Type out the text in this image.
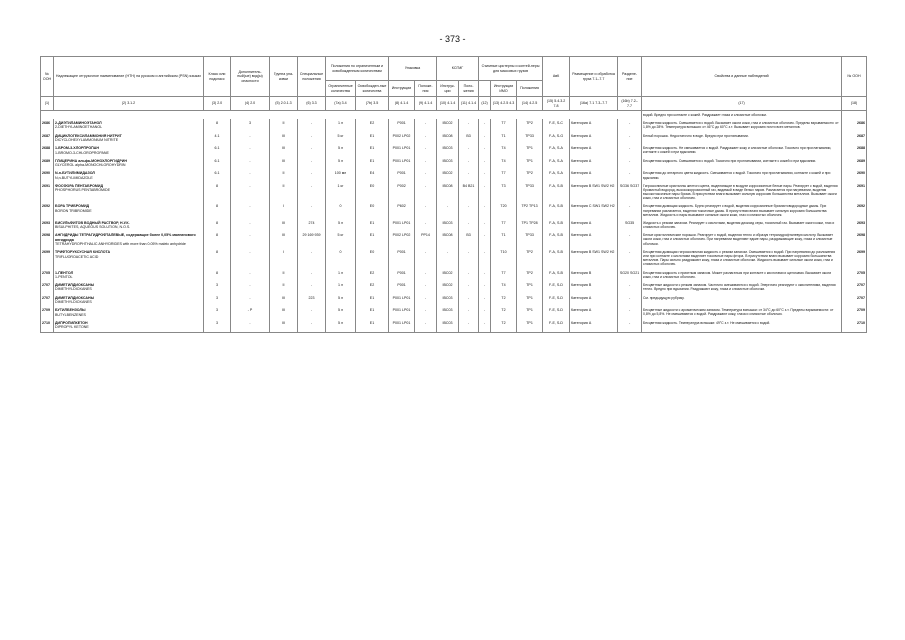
- 373 -
№ ООН	Надлежащее отгрузочное наименование (НТН) на русском и английском (PSN) языках	Класс или подкласс	Дополнитель-ный(ые) вид(ы) опасности	Группа упа-ковки	Специальные положения	Положения по ограниченным и освобожденным количествам		Упаковка		КСГМГ		Съемные цистерны и контей-неры для массовых грузов			АвК	Размещение и обработка груза 7.1–7.7	Разделе-ние	Свойства и данные наблюдений	№ ООН
						Ограниченные количества	Освобожден-ные количества	Инструкции	Положе-ния	Инструк-ции	Поло-жения		Инструкции ИМО	Положения					
(1)	(2) 3.1.2	(3) 2.0	(4) 2.0	(5) 2.0.1.3	(6) 3.3	(7a) 3.4	(7b) 3.5	(8) 4.1.4	(9) 4.1.4	(10) 4.1.4	(11) 4.1.4	(12)	(13) 4.2.5 4.3	(14) 4.2.5	(15) 5.4.3.2 7.8	(16a) 7.1 7.3–7.7	(16b) 7.2–7.7	(17)	(18)
																		водой. Вредно при контакте с кожей. Раздражает глаза и слизистые оболочки.	
2686	2-ДИЭТИЛАМИНОЭТАНОЛ
2-DIETHYLAMINOETHANOL	8	3	II	-	1 л	E2	P001	-	IBC02	-	-	T7	TP2	F-E, S-C	Категория A	-	Бесцветная жидкость. Смешивается с водой. Вызывает ожоги кожи, глаз и слизистых оболочек. Пределы взрываемости: от 1,8% до 28%. Температура вспышки: от 46°C до 60°C з.т. Вызывает коррозию почти всех металлов.	2686
2687	ДИЦИКЛОГЕКСИЛАММОНИЯ НИТРИТ
DICYCLOHEXYLAMMONIUM NITRITE	4.1	-	III	-	5 кг	E1	P002 LP02	-	IBC08	B3	-	T1	TP33	F-A, S-G	Категория A	-	Белый порошок. Недостаточно в воде. Вредно при проглатывании.	2687
2688	1-БРОМ-3-ХЛОРПРОПАН
1-BROMO-3-CHLOROPROPANE	6.1	-	III	-	5 л	E1	P001 LP01	-	IBC03	-	-	T4	TP1	F-A, S-A	Категория A	-	Бесцветная жидкость. Не смешивается с водой. Раздражает кожу и слизистые оболочки. Токсично при проглатывании, контакте с кожей и при вдыхании.	2688
2689	ГЛИЦЕРИНА альфа-МОНОХЛОРГИДРИН
GLYCEROL alpha-MONOCHLOROHYDRIN	6.1	-	III	-	5 л	E1	P001 LP01	-	IBC03	-	-	T4	TP1	F-A, S-A	Категория A	-	Бесцветная жидкость. Смешивается с водой. Токсично при проглатывании, контакте с кожей и при вдыхании.	2689
2690	N-н-БУТИЛИМИДАЗОЛ
N,n-BUTYLIMIDAZOLE	6.1	-	II	-	100 мл	E4	P001	-	IBC02	-	-	T7	TP2	F-A, S-A	Категория A	-	Бесцветная до янтарного цвета жидкость. Смешивается с водой. Токсично при проглатывании, контакте с кожей и при вдыхании.	2690
2691	ФОСФОРА ПЕНТАБРОМИД
PHOSPHORUS PENTABROMIDE	8	-	II	-	1 кг	E0	P002	-	IBC08	B4 B21	-	T3	TP33	F-A, S-B	Категория B SW1 SW2 H2	SG36 SG37	Гигроскопичные кристаллы желтого цвета, выделяющие в воздухе коррозионные белые пары. Реагирует с водой, выделяя бромистый водород, высококоррозионный газ, видимый в виде белых паров. Разлагается при нагревании, выделяя высокотоксичные пары брома. В присутствии влаги вызывает сильную коррозию большинства металлов. Вызывает ожоги кожи, глаз и слизистых оболочек.	2691
2692	БОРА ТРИБРОМИД
BORON TRIBROMIDE	8	-	I	-	0	E0	P602	-	-	-	-	T20	TP2 TP13	F-A, S-B	Категория C SW1 SW2 H2	-	Бесцветная дымящая жидкость. Бурно реагирует с водой, выделяя коррозионные бромистоводородные дымы. При нагревании разлагается, выделяя токсичные дымы. В присутствии влаги вызывает сильную коррозию большинства металлов. Жидкость и пары вызывают сильные ожоги кожи, глаз и слизистых оболочек.	2692
2693	БИСУЛЬФИТОВ ВОДНЫЙ РАСТВОР, Н.У.К.
BISULPHITES, AQUEOUS SOLUTION, N.O.S.	8	-	III	274	5 л	E1	P001 LP01	-	IBC03	-	-	T7	TP1 TP28	F-A, S-B	Категория A	SG35	Жидкость с резким запахом. Реагирует с кислотами, выделяя диоксид серы, токсичный газ. Вызывает ожоги кожи, глаз и слизистых оболочек.	2693
2698	АНГИДРИДЫ ТЕТРАГИДРОФТАЛЕВЫЕ, содержащие более 0,05% малеинового ангидрида
TETRAHYDROPHTHALIC ANHYDRIDES with more than 0.05% maleic anhydride	8	-	III	29 169 939	5 кг	E1	P002 LP02	PP14	IBC08	B3	-	T1	TP33	F-A, S-B	Категория A	-	Белые кристаллические порошки. Реагирует с водой, выделяя тепло и образуя тетрагидрофталевую кислоту. Вызывает ожоги кожи, глаз и слизистых оболочек. При нагревании выделяют едкие пары, раздражающие кожу, глаза и слизистые оболочки.	2698
2699	ТРИФТОРУКСУСНАЯ КИСЛОТА
TRIFLUOROACETIC ACID	8	-	I	-	0	E0	P001	-	-	-	-	T10	TP2	F-A, S-B	Категория B SW1 SW2 H2	-	Бесцветная дымящая гигроскопичная жидкость с резким запахом. Смешивается с водой. При нагревании до разложения или при контакте с кислотами выделяет токсичные пары фтора. В присутствии влаги вызывает коррозию большинства металлов. Пары сильно раздражают кожу, глаза и слизистые оболочки. Жидкость вызывает сильные ожоги кожи, глаз и слизистых оболочек.	2699
2705	1-ПЕНТОЛ
1-PENTOL	8	-	II	-	1 л	E2	P001	-	IBC02	-	-	T7	TP2	F-A, S-B	Категория B	SG20 SG21	Бесцветная жидкость с приятным запахом. Может разлагаться при контакте с кислотами и щелочами. Вызывает ожоги кожи, глаз и слизистых оболочек.	2705
2707	ДИМЕТИЛДИОКСАНЫ
DIMETHYLDIOXANES	3	-	II	-	1 л	E2	P001	-	IBC02	-	-	T4	TP1	F-E, S-D	Категория B	-	Бесцветные жидкости с резким запахом. Частично смешиваются с водой. Энергично реагируют с окислителями, выделяя тепло. Вредно при вдыхании. Раздражают кожу, глаза и слизистые оболочки.	2707
2707	ДИМЕТИЛДИОКСАНЫ
DIMETHYLDIOXANES	3	-	III	223	5 л	E1	P001 LP01	-	IBC03	-	-	T2	TP1	F-E, S-D	Категория A	-	См. предыдущую рубрику.	2707
2709	БУТИЛБЕНЗОЛЫ
BUTYLBENZENES	3	- P	III	-	5 л	E1	P001 LP01	-	IBC03	-	-	T2	TP1	F-E, S-D	Категория A	-	Бесцветные жидкости с ароматическим запахом. Температура вспышки: от 34°C до 60°C з.т. Пределы взрываемости: от 0,8% до 5,8%. Не смешиваются с водой. Раздражают кожу, глаза и слизистые оболочки.	2709
2710	ДИПРОПИЛКЕТОН
DIPROPYL KETONE	3	-	III	-	5 л	E1	P001 LP01	-	IBC03	-	-	T2	TP1	F-E, S-D	Категория A	-	Бесцветная жидкость. Температура вспышки: 49°C з.т. Не смешивается с водой.	2710
